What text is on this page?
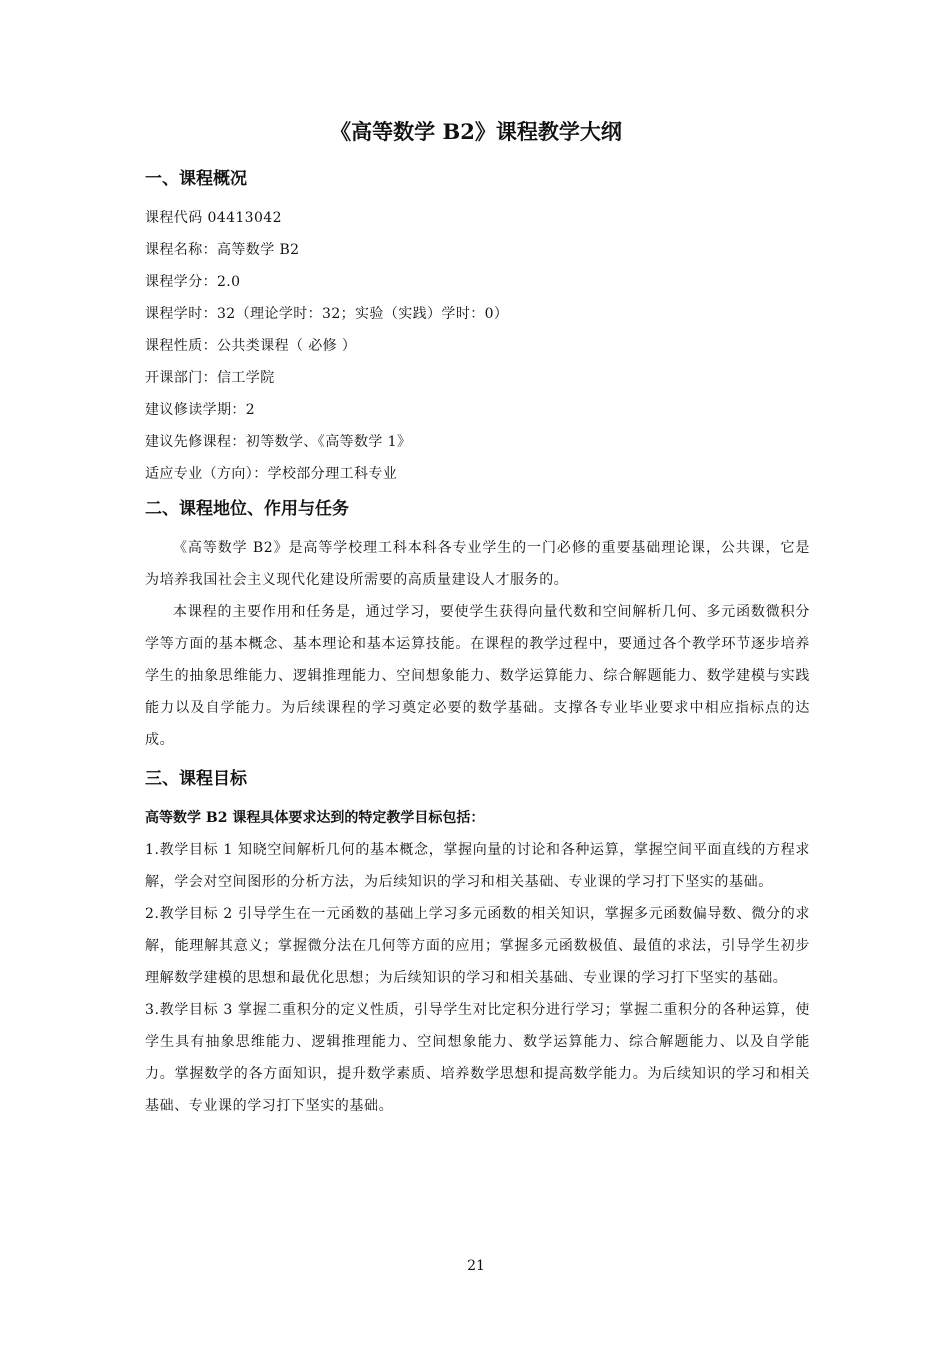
《高等数学 B2》课程教学大纲
一、课程概况
课程代码 04413042
课程名称：高等数学 B2
课程学分：2.0
课程学时：32（理论学时：32；实验（实践）学时：0）
课程性质：公共类课程（ 必修 ）
开课部门：信工学院
建议修读学期：2
建议先修课程：初等数学、《高等数学 1》
适应专业（方向）：学校部分理工科专业
二、课程地位、作用与任务

《高等数学 B2》是高等学校理工科本科各专业学生的一门必修的重要基础理论课，公共课，它是为培养我国社会主义现代化建设所需要的高质量建设人才服务的。

本课程的主要作用和任务是，通过学习，要使学生获得向量代数和空间解析几何、多元函数微积分学等方面的基本概念、基本理论和基本运算技能。在课程的教学过程中，要通过各个教学环节逐步培养学生的抽象思维能力、逻辑推理能力、空间想象能力、数学运算能力、综合解题能力、数学建模与实践能力以及自学能力。为后续课程的学习奠定必要的数学基础。支撑各专业毕业要求中相应指标点的达成。

三、课程目标

高等数学 B2 课程具体要求达到的特定教学目标包括：

1.教学目标 1 知晓空间解析几何的基本概念，掌握向量的讨论和各种运算，掌握空间平面直线的方程求解，学会对空间图形的分析方法，为后续知识的学习和相关基础、专业课的学习打下坚实的基础。

2.教学目标 2 引导学生在一元函数的基础上学习多元函数的相关知识，掌握多元函数偏导数、微分的求解，能理解其意义；掌握微分法在几何等方面的应用；掌握多元函数极值、最值的求法，引导学生初步理解数学建模的思想和最优化思想；为后续知识的学习和相关基础、专业课的学习打下坚实的基础。

3.教学目标 3 掌握二重积分的定义性质，引导学生对比定积分进行学习；掌握二重积分的各种运算，使学生具有抽象思维能力、逻辑推理能力、空间想象能力、数学运算能力、综合解题能力、以及自学能力。掌握数学的各方面知识，提升数学素质、培养数学思想和提高数学能力。为后续知识的学习和相关基础、专业课的学习打下坚实的基础。

21
